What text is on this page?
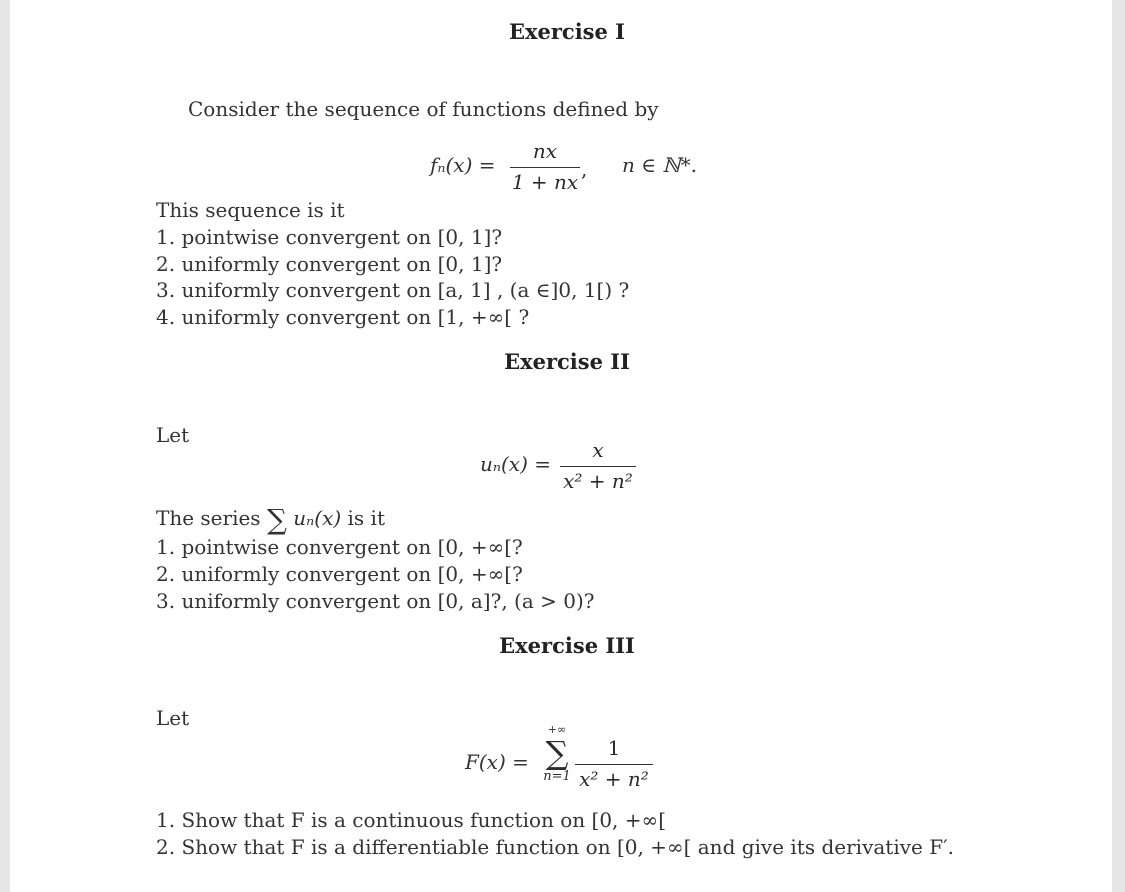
Exercise I
Consider the sequence of functions defined by
fₙ(x) =
nx
1 + nx
, n ∈ ℕ*.
This sequence is it
1. pointwise convergent on [0, 1]?
2. uniformly convergent on [0, 1]?
3. uniformly convergent on [a, 1] , (a ∈]0, 1[) ?
4. uniformly convergent on [1, +∞[ ?
Exercise II
Let
uₙ(x) =
x
x² + n²
The series ∑ uₙ(x) is it
1. pointwise convergent on [0, +∞[?
2. uniformly convergent on [0, +∞[?
3. uniformly convergent on [0, a]?, (a > 0)?
Exercise III
Let
F(x) =
+∞
∑
n=1
1
x² + n²
1. Show that F is a continuous function on [0, +∞[
2. Show that F is a differentiable function on [0, +∞[ and give its derivative F′.
